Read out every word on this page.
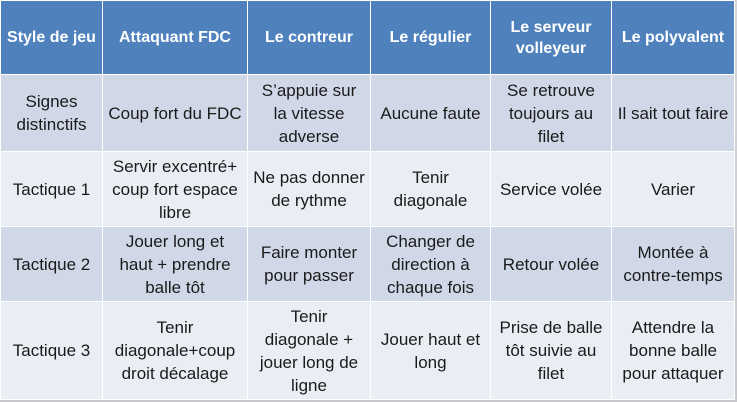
Style de jeu	Attaquant FDC	Le contreur	Le régulier	Le serveur volleyeur	Le polyvalent
Signes distinctifs	Coup fort du FDC	S’appuie sur la vitesse adverse	Aucune faute	Se retrouve toujours au filet	Il sait tout faire
Tactique 1	Servir excentré+ coup fort espace libre	Ne pas donner de rythme	Tenir diagonale	Service volée	Varier
Tactique 2	Jouer long et haut + prendre balle tôt	Faire monter pour passer	Changer de direction à chaque fois	Retour volée	Montée à contre-temps
Tactique 3	Tenir diagonale+coup droit décalage	Tenir diagonale + jouer long de ligne	Jouer haut et long	Prise de balle tôt suivie au filet	Attendre la bonne balle pour attaquer
